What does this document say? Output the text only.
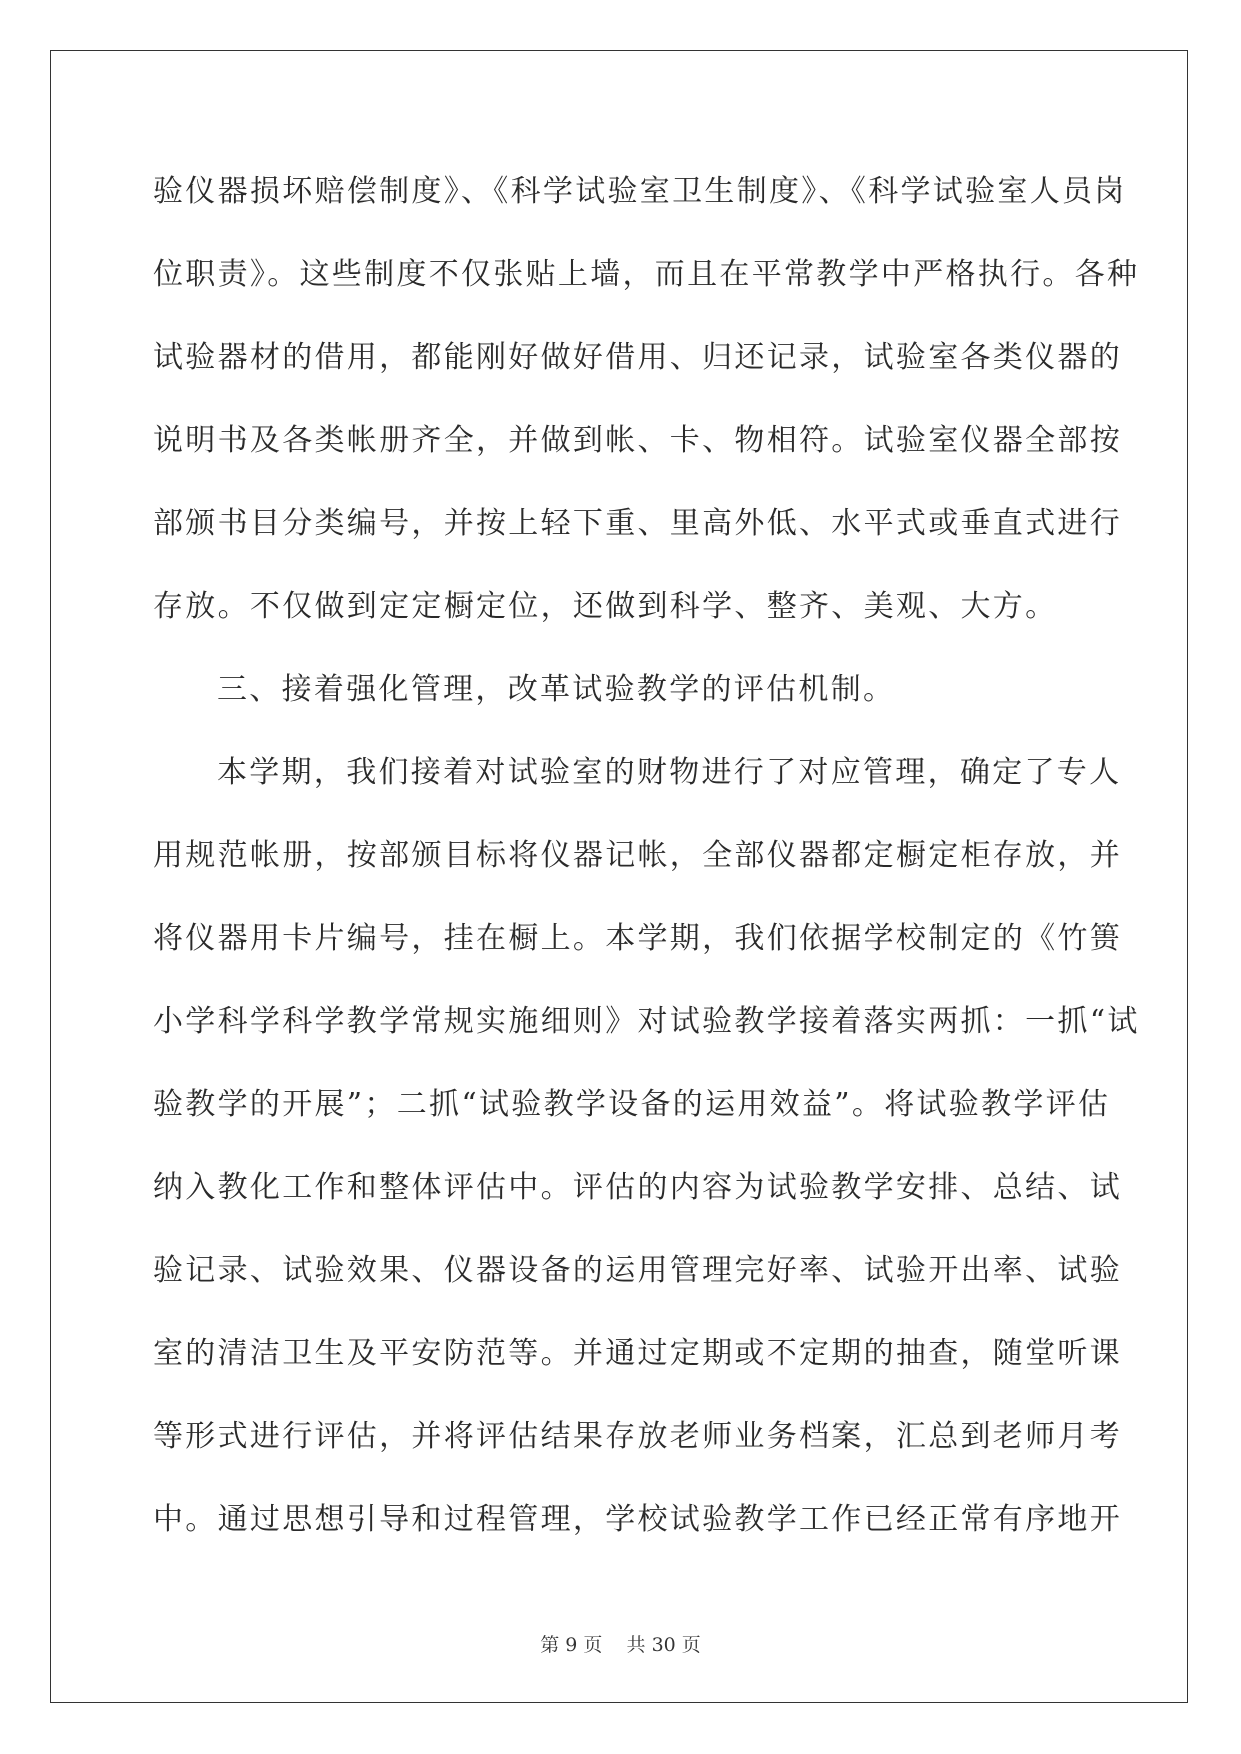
验仪器损坏赔偿制度》、《科学试验室卫生制度》、《科学试验室人员岗
位职责》。这些制度不仅张贴上墙，而且在平常教学中严格执行。各种
试验器材的借用，都能刚好做好借用、归还记录，试验室各类仪器的
说明书及各类帐册齐全，并做到帐、卡、物相符。试验室仪器全部按
部颁书目分类编号，并按上轻下重、里高外低、水平式或垂直式进行
存放。不仅做到定定橱定位，还做到科学、整齐、美观、大方。
三、接着强化管理，改革试验教学的评估机制。
本学期，我们接着对试验室的财物进行了对应管理，确定了专人
用规范帐册，按部颁目标将仪器记帐，全部仪器都定橱定柜存放，并
将仪器用卡片编号，挂在橱上。本学期，我们依据学校制定的《竹篑
小学科学科学教学常规实施细则》对试验教学接着落实两抓：一抓“试
验教学的开展”；二抓“试验教学设备的运用效益”。将试验教学评估
纳入教化工作和整体评估中。评估的内容为试验教学安排、总结、试
验记录、试验效果、仪器设备的运用管理完好率、试验开出率、试验
室的清洁卫生及平安防范等。并通过定期或不定期的抽查，随堂听课
等形式进行评估，并将评估结果存放老师业务档案，汇总到老师月考
中。通过思想引导和过程管理，学校试验教学工作已经正常有序地开
第 9 页 共 30 页
